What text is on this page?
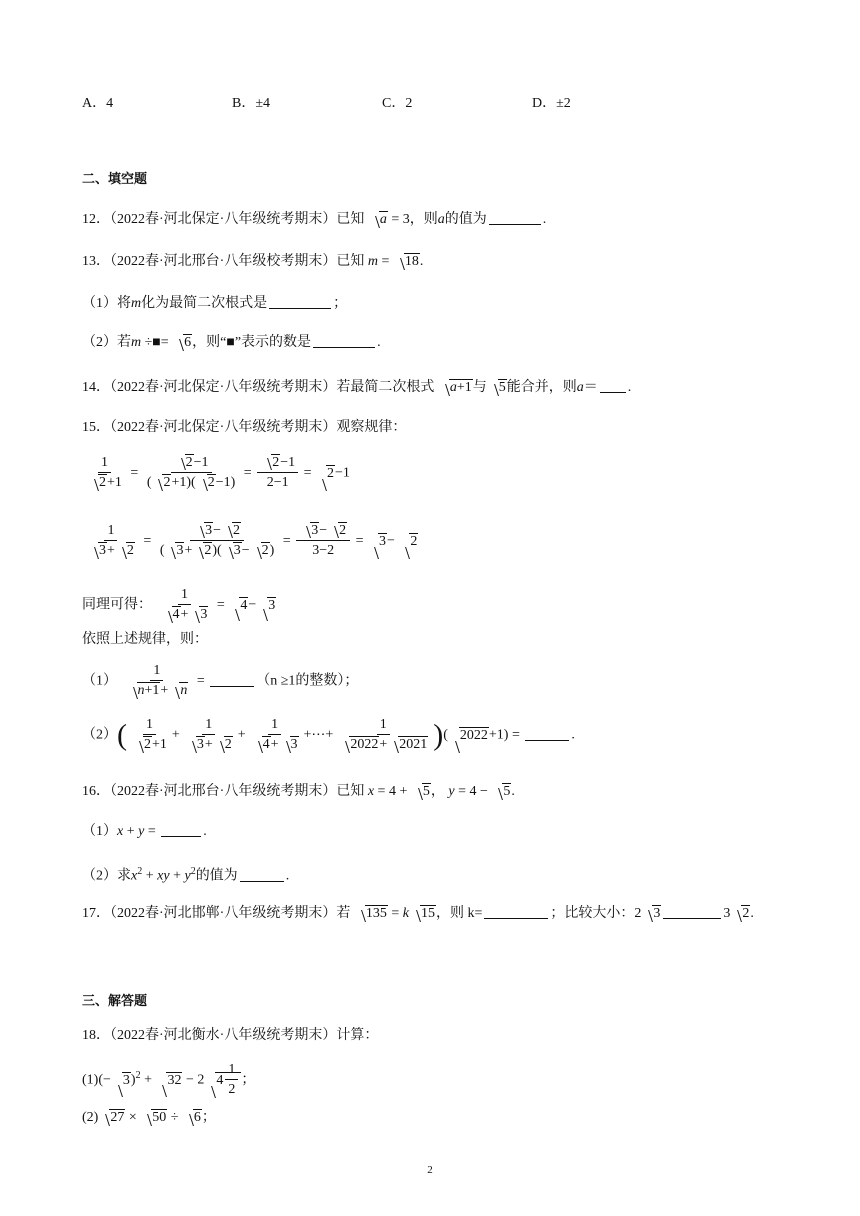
A．4	B．±4	C．2	D．±2
二、填空题
12．（2022春·河北保定·八年级统考期末）已知 a = 3，则a的值为	.
13．（2022春·河北邢台·八年级校考期末）已知 m = 18.
（1）将m化为最简二次根式是	；
（2）若m ÷■= 6，则“■”表示的数是	.
14．（2022春·河北保定·八年级统考期末）若最简二次根式 a+1与 5能合并，则a＝ .
15．（2022春·河北保定·八年级统考期末）观察规律：
$\frac{1}{2+1} = \frac{2-1}{( 2+1)( 2-1)} = \frac{2-1}{2-1} = 2-1$
$\frac{1}{3+ 2} = \frac{3- 2}{( 3+ 2)( 3- 2)} = \frac{3- 2}{3-2} = 3- 2$
同理可得： $\frac{1}{4+ 3} = 4- 3$
依照上述规律，则：
$(1) \frac{1}{n+1+ n}$ =	（n ≥1的整数）；
$(2)( \frac{1}{2+1} + \frac{1}{3+ 2} + \frac{1}{4+ 3}$ +⋯+ $\frac{1}{2022+ 2021}$ )( 2022+1) =	.
16．（2022春·河北邢台·八年级统考期末）已知 x = 4 + 5， y = 4 − 5.
（1）x + y =	.
（2）求$x^2$ + xy + $y^2$的值为	.
17．（2022春·河北邯郸·八年级统考期末）若 135 = k 15，则 k=	；比较大小：2 3	3 2.
三、解答题
18．（2022春·河北衡水·八年级统考期末）计算：
$(1)(- 3)^2 + 32 - 2$ $4 \frac{1}{2}$ ；
(2) 27 × 50 ÷ 6；
2
